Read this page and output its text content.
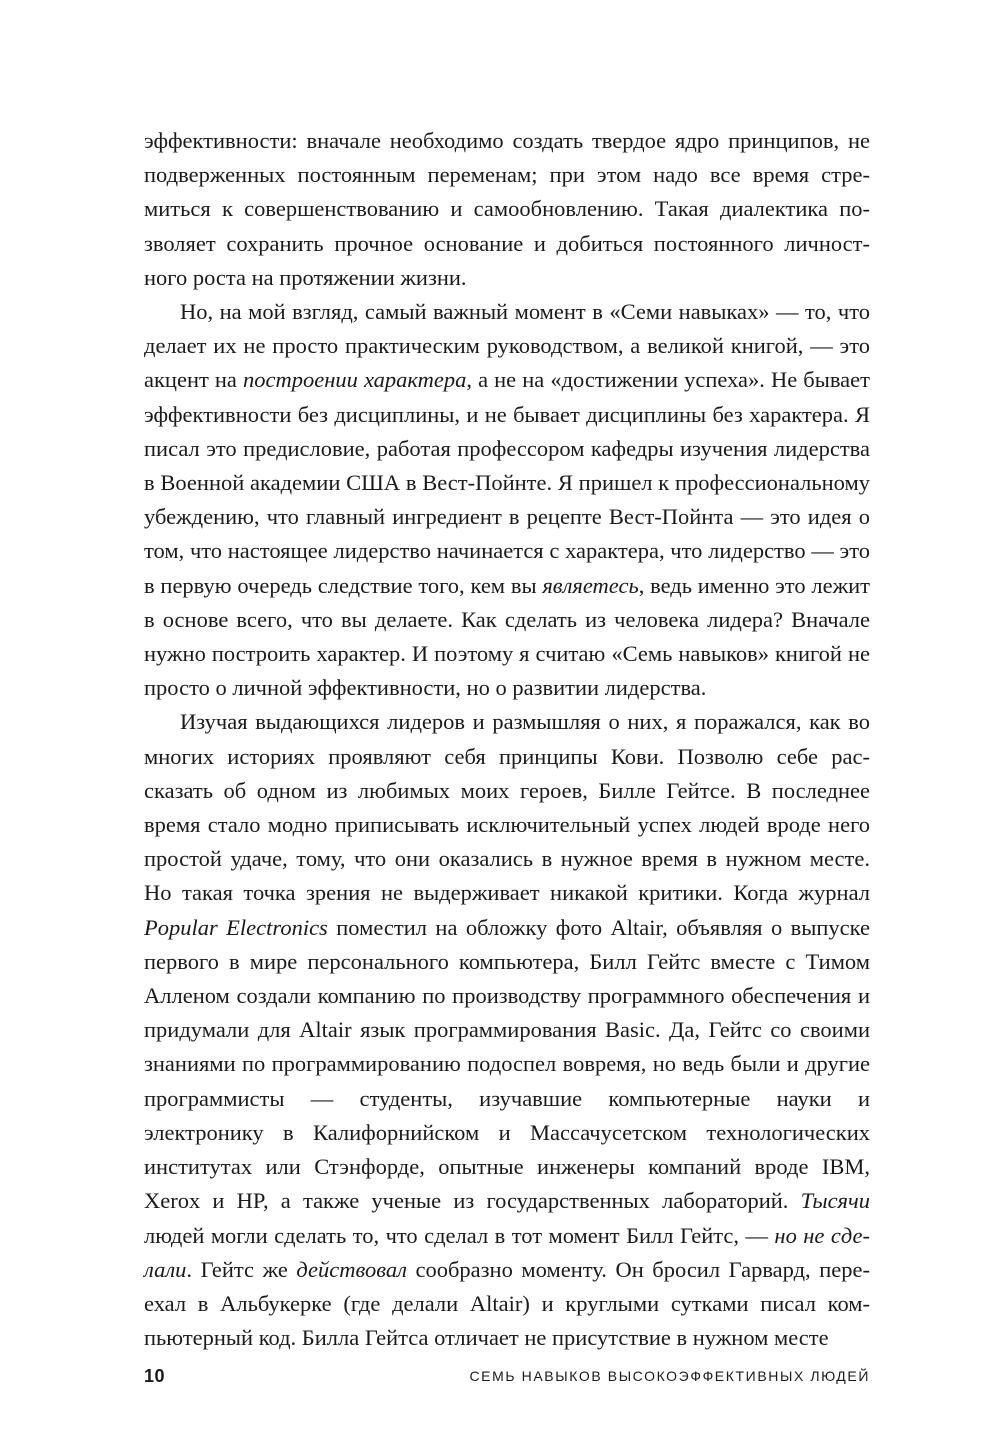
эффективности: вначале необходимо создать твердое ядро принципов, не подверженных постоянным переменам; при этом надо все время стремиться к совершенствованию и самообновлению. Такая диалектика позволяет сохранить прочное основание и добиться постоянного личностного роста на протяжении жизни.

Но, на мой взгляд, самый важный момент в «Семи навыках» — то, что делает их не просто практическим руководством, а великой книгой, — это акцент на построении характера, а не на «достижении успеха». Не бывает эффективности без дисциплины, и не бывает дисциплины без характера. Я писал это предисловие, работая профессором кафедры изучения лидерства в Военной академии США в Вест-Пойнте. Я пришел к профессиональному убеждению, что главный ингредиент в рецепте Вест-Пойнта — это идея о том, что настоящее лидерство начинается с характера, что лидерство — это в первую очередь следствие того, кем вы являетесь, ведь именно это лежит в основе всего, что вы делаете. Как сделать из человека лидера? Вначале нужно построить характер. И поэтому я считаю «Семь навыков» книгой не просто о личной эффективности, но о развитии лидерства.

Изучая выдающихся лидеров и размышляя о них, я поражался, как во многих историях проявляют себя принципы Кови. Позволю себе рассказать об одном из любимых моих героев, Билле Гейтсе. В последнее время стало модно приписывать исключительный успех людей вроде него простой удаче, тому, что они оказались в нужное время в нужном месте. Но такая точка зрения не выдерживает никакой критики. Когда журнал Popular Electronics поместил на обложку фото Altair, объявляя о выпуске первого в мире персонального компьютера, Билл Гейтс вместе с Тимом Алленом создали компанию по производству программного обеспечения и придумали для Altair язык программирования Basic. Да, Гейтс со своими знаниями по программированию подоспел вовремя, но ведь были и другие программисты — студенты, изучавшие компьютерные науки и электронику в Калифорнийском и Массачусетском технологических институтах или Стэнфорде, опытные инженеры компаний вроде IBM, Xerox и HP, а также ученые из государственных лабораторий. Тысячи людей могли сделать то, что сделал в тот момент Билл Гейтс, — но не сделали. Гейтс же действовал сообразно моменту. Он бросил Гарвард, переехал в Альбукерке (где делали Altair) и круглыми сутками писал компьютерный код. Билла Гейтса отличает не присутствие в нужном месте

10	СЕМЬ НАВЫКОВ ВЫСОКОЭФФЕКТИВНЫХ ЛЮДЕЙ
